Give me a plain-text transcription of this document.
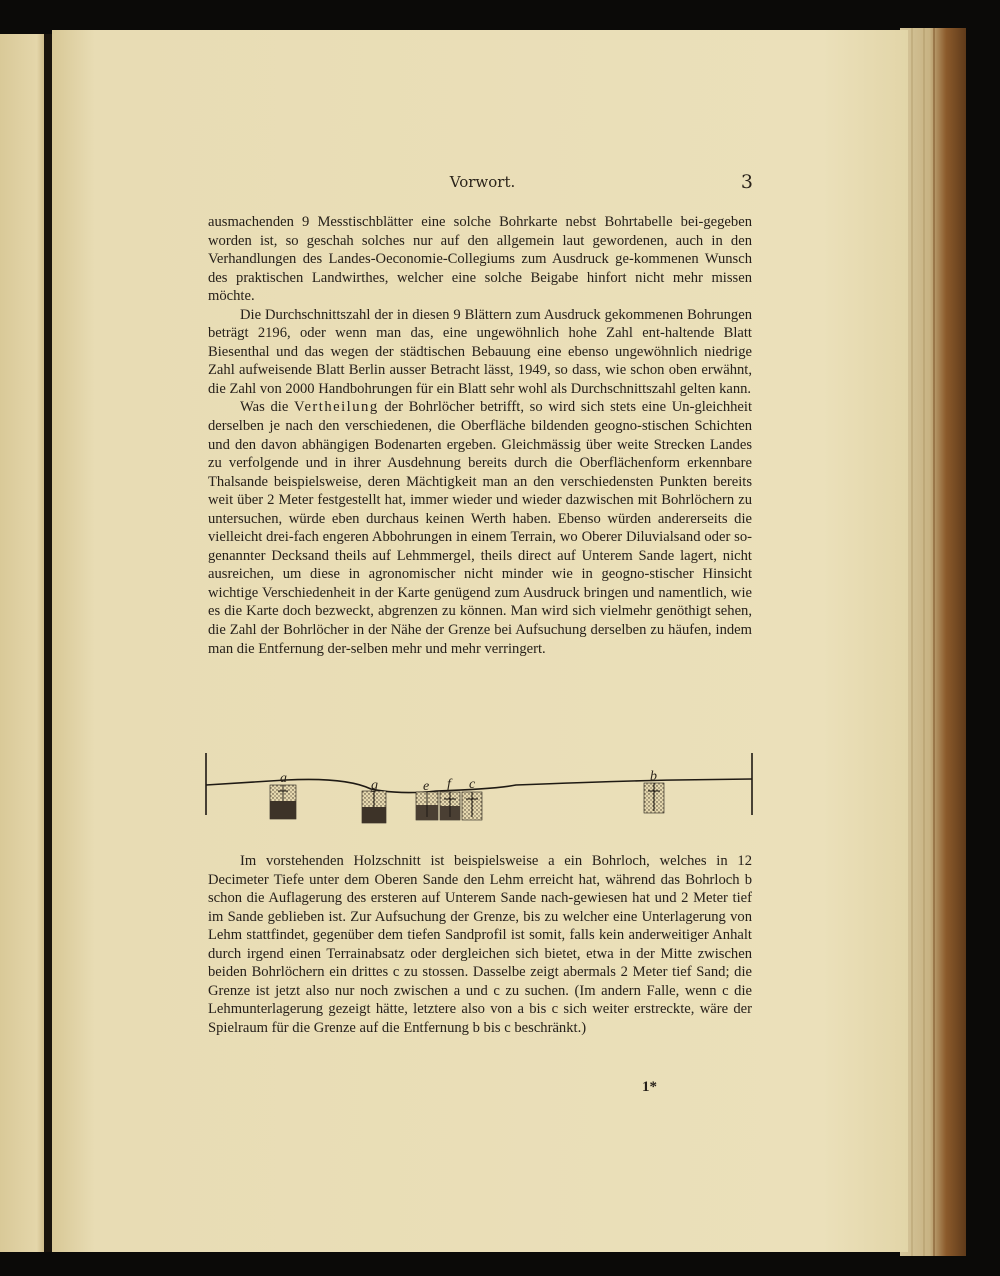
Vorwort.	3

ausmachenden 9 Messtischblätter eine solche Bohrkarte nebst Bohrtabelle bei-gegeben worden ist, so geschah solches nur auf den allgemein laut gewordenen, auch in den Verhandlungen des Landes-Oeconomie-Collegiums zum Ausdruck ge-kommenen Wunsch des praktischen Landwirthes, welcher eine solche Beigabe hinfort nicht mehr missen möchte.

Die Durchschnittszahl der in diesen 9 Blättern zum Ausdruck gekommenen Bohrungen beträgt 2196, oder wenn man das, eine ungewöhnlich hohe Zahl ent-haltende Blatt Biesenthal und das wegen der städtischen Bebauung eine ebenso ungewöhnlich niedrige Zahl aufweisende Blatt Berlin ausser Betracht lässt, 1949, so dass, wie schon oben erwähnt, die Zahl von 2000 Handbohrungen für ein Blatt sehr wohl als Durchschnittszahl gelten kann.

Was die Vertheilung der Bohrlöcher betrifft, so wird sich stets eine Un-gleichheit derselben je nach den verschiedenen, die Oberfläche bildenden geogno-stischen Schichten und den davon abhängigen Bodenarten ergeben. Gleichmässig über weite Strecken Landes zu verfolgende und in ihrer Ausdehnung bereits durch die Oberflächenform erkennbare Thalsande beispielsweise, deren Mächtigkeit man an den verschiedensten Punkten bereits weit über 2 Meter festgestellt hat, immer wieder und wieder dazwischen mit Bohrlöchern zu untersuchen, würde eben durchaus keinen Werth haben. Ebenso würden andererseits die vielleicht drei-fach engeren Abbohrungen in einem Terrain, wo Oberer Diluvialsand oder so-genannter Decksand theils auf Lehmmergel, theils direct auf Unterem Sande lagert, nicht ausreichen, um diese in agronomischer nicht minder wie in geogno-stischer Hinsicht wichtige Verschiedenheit in der Karte genügend zum Ausdruck bringen und namentlich, wie es die Karte doch bezweckt, abgrenzen zu können. Man wird sich vielmehr genöthigt sehen, die Zahl der Bohrlöcher in der Nähe der Grenze bei Aufsuchung derselben zu häufen, indem man die Entfernung der-selben mehr und mehr verringert.

a	g	e f c
b

Im vorstehenden Holzschnitt ist beispielsweise a ein Bohrloch, welches in 12 Decimeter Tiefe unter dem Oberen Sande den Lehm erreicht hat, während das Bohrloch b schon die Auflagerung des ersteren auf Unterem Sande nach-gewiesen hat und 2 Meter tief im Sande geblieben ist. Zur Aufsuchung der Grenze, bis zu welcher eine Unterlagerung von Lehm stattfindet, gegenüber dem tiefen Sandprofil ist somit, falls kein anderweitiger Anhalt durch irgend einen Terrainabsatz oder dergleichen sich bietet, etwa in der Mitte zwischen beiden Bohrlöchern ein drittes c zu stossen. Dasselbe zeigt abermals 2 Meter tief Sand; die Grenze ist jetzt also nur noch zwischen a und c zu suchen. (Im andern Falle, wenn c die Lehmunterlagerung gezeigt hätte, letztere also von a bis c sich weiter erstreckte, wäre der Spielraum für die Grenze auf die Entfernung b bis c beschränkt.)

1*
